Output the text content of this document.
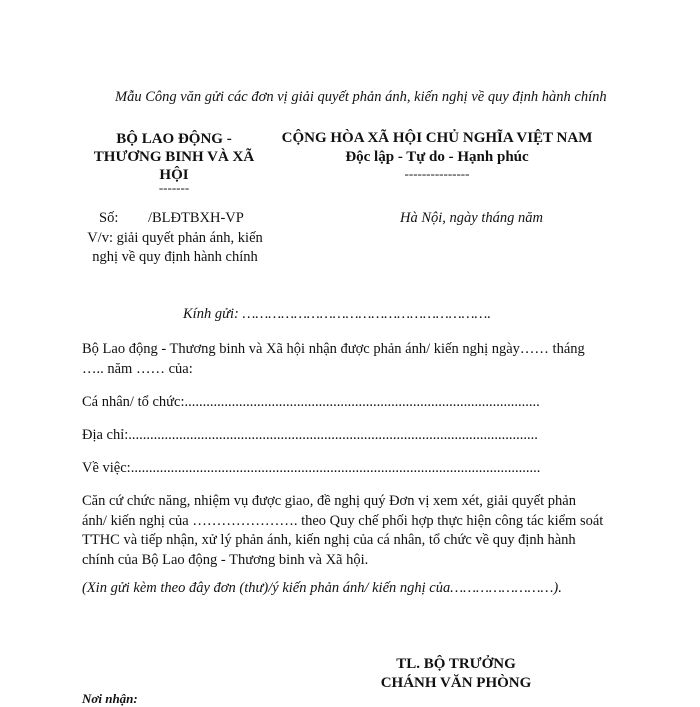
Mẫu Công văn gửi các đơn vị giải quyết phản ánh, kiến nghị về quy định hành chính
BỘ LAO ĐỘNG -
THƯƠNG BINH VÀ XÃ
HỘI
-------
CỘNG HÒA XÃ HỘI CHỦ NGHĨA VIỆT NAM
Độc lập - Tự do - Hạnh phúc
---------------
Số: /BLĐTBXH-VP
V/v: giải quyết phản ánh, kiến
nghị về quy định hành chính
Hà Nội, ngày tháng năm
Kính gửi: ………………………………………………….
Bộ Lao động - Thương binh và Xã hội nhận được phản ánh/ kiến nghị ngày…… tháng
….. năm …… của:
Cá nhân/ tổ chức:..................................................................................................
Địa chỉ:.................................................................................................................
Về việc:.................................................................................................................
Căn cứ chức năng, nhiệm vụ được giao, đề nghị quý Đơn vị xem xét, giải quyết phản
ánh/ kiến nghị của …………………. theo Quy chế phối hợp thực hiện công tác kiểm soát
TTHC và tiếp nhận, xử lý phản ánh, kiến nghị của cá nhân, tổ chức về quy định hành
chính của Bộ Lao động - Thương binh và Xã hội.
(Xin gửi kèm theo đây đơn (thư)/ý kiến phản ánh/ kiến nghị của……………………).
TL. BỘ TRƯỞNG
CHÁNH VĂN PHÒNG
Nơi nhận:
